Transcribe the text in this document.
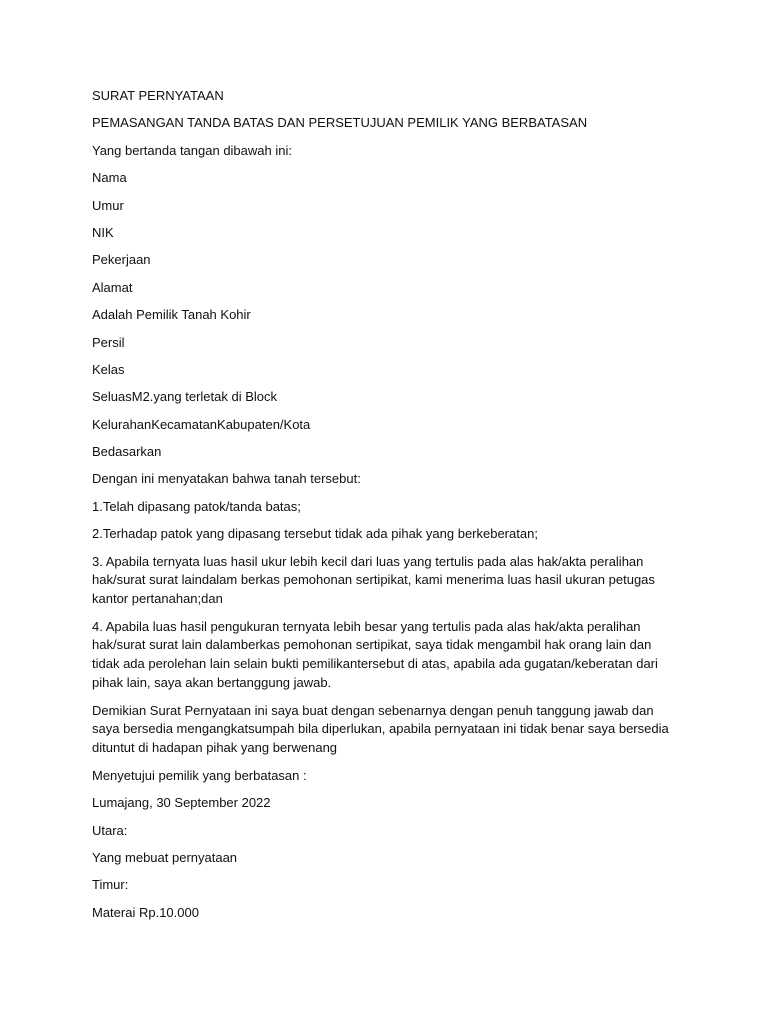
SURAT PERNYATAAN

PEMASANGAN TANDA BATAS DAN PERSETUJUAN PEMILIK YANG BERBATASAN

Yang bertanda tangan dibawah ini:

Nama

Umur

NIK

Pekerjaan

Alamat

Adalah Pemilik Tanah Kohir

Persil

Kelas

SeluasM2.yang terletak di Block

KelurahanKecamatanKabupaten/Kota

Bedasarkan

Dengan ini menyatakan bahwa tanah tersebut:

1.Telah dipasang patok/tanda batas;

2.Terhadap patok yang dipasang tersebut tidak ada pihak yang berkeberatan;

3. Apabila ternyata luas hasil ukur lebih kecil dari luas yang tertulis pada alas hak/akta peralihan
hak/surat surat laindalam berkas pemohonan sertipikat, kami menerima luas hasil ukuran petugas
kantor pertanahan;dan
4. Apabila luas hasil pengukuran ternyata lebih besar yang tertulis pada alas hak/akta peralihan
hak/surat surat lain dalamberkas pemohonan sertipikat, saya tidak mengambil hak orang lain dan
tidak ada perolehan lain selain bukti pemilikantersebut di atas, apabila ada gugatan/keberatan dari
pihak lain, saya akan bertanggung jawab.
Demikian Surat Pernyataan ini saya buat dengan sebenarnya dengan penuh tanggung jawab dan
saya bersedia mengangkatsumpah bila diperlukan, apabila pernyataan ini tidak benar saya bersedia
dituntut di hadapan pihak yang berwenang

Menyetujui pemilik yang berbatasan :

Lumajang, 30 September 2022

Utara:

Yang mebuat pernyataan

Timur:

Materai Rp.10.000
